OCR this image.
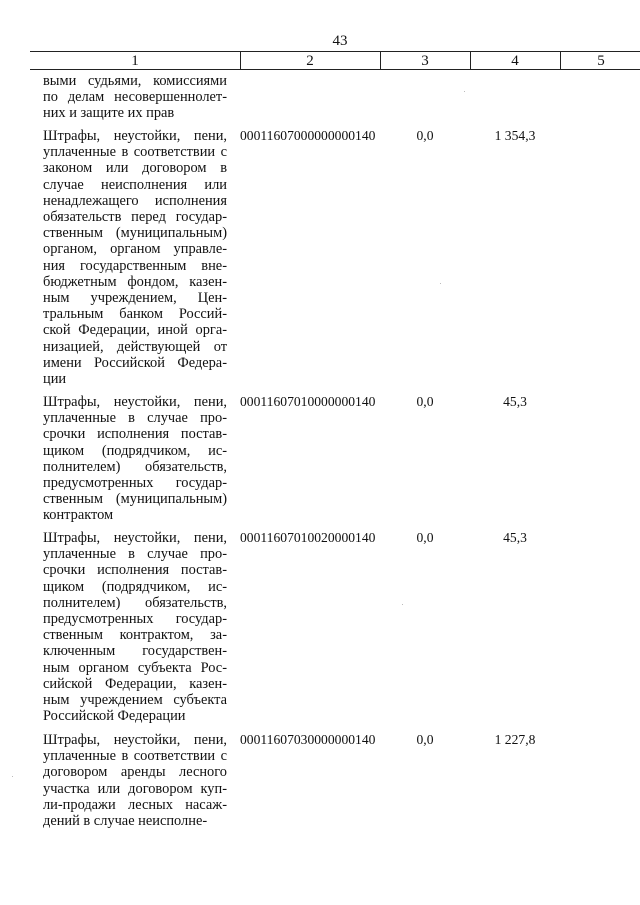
43
1	2	3	4	5
выми судьями, комиссиями по делам несовершеннолет-них и защите их прав
Штрафы, неустойки, пени, уплаченные в соответствии с законом или договором в случае неисполнения или ненадлежащего исполнения обязательств перед государ-ственным (муниципальным) органом, органом управле-ния государственным вне-бюджетным фондом, казен-ным учреждением, Цен-тральным банком Россий-ской Федерации, иной орга-низацией, действующей от имени Российской Федера-ции
00011607000000000140	0,0	1 354,3
Штрафы, неустойки, пени, уплаченные в случае про-срочки исполнения постав-щиком (подрядчиком, ис-полнителем) обязательств, предусмотренных государ-ственным (муниципальным) контрактом
00011607010000000140	0,0	45,3
Штрафы, неустойки, пени, уплаченные в случае про-срочки исполнения постав-щиком (подрядчиком, ис-полнителем) обязательств, предусмотренных государ-ственным контрактом, за-ключенным государствен-ным органом субъекта Рос-сийской Федерации, казен-ным учреждением субъекта Российской Федерации
00011607010020000140	0,0	45,3
Штрафы, неустойки, пени, уплаченные в соответствии с договором аренды лесного участка или договором куп-ли-продажи лесных насаж-дений в случае неисполне-
00011607030000000140	0,0	1 227,8
